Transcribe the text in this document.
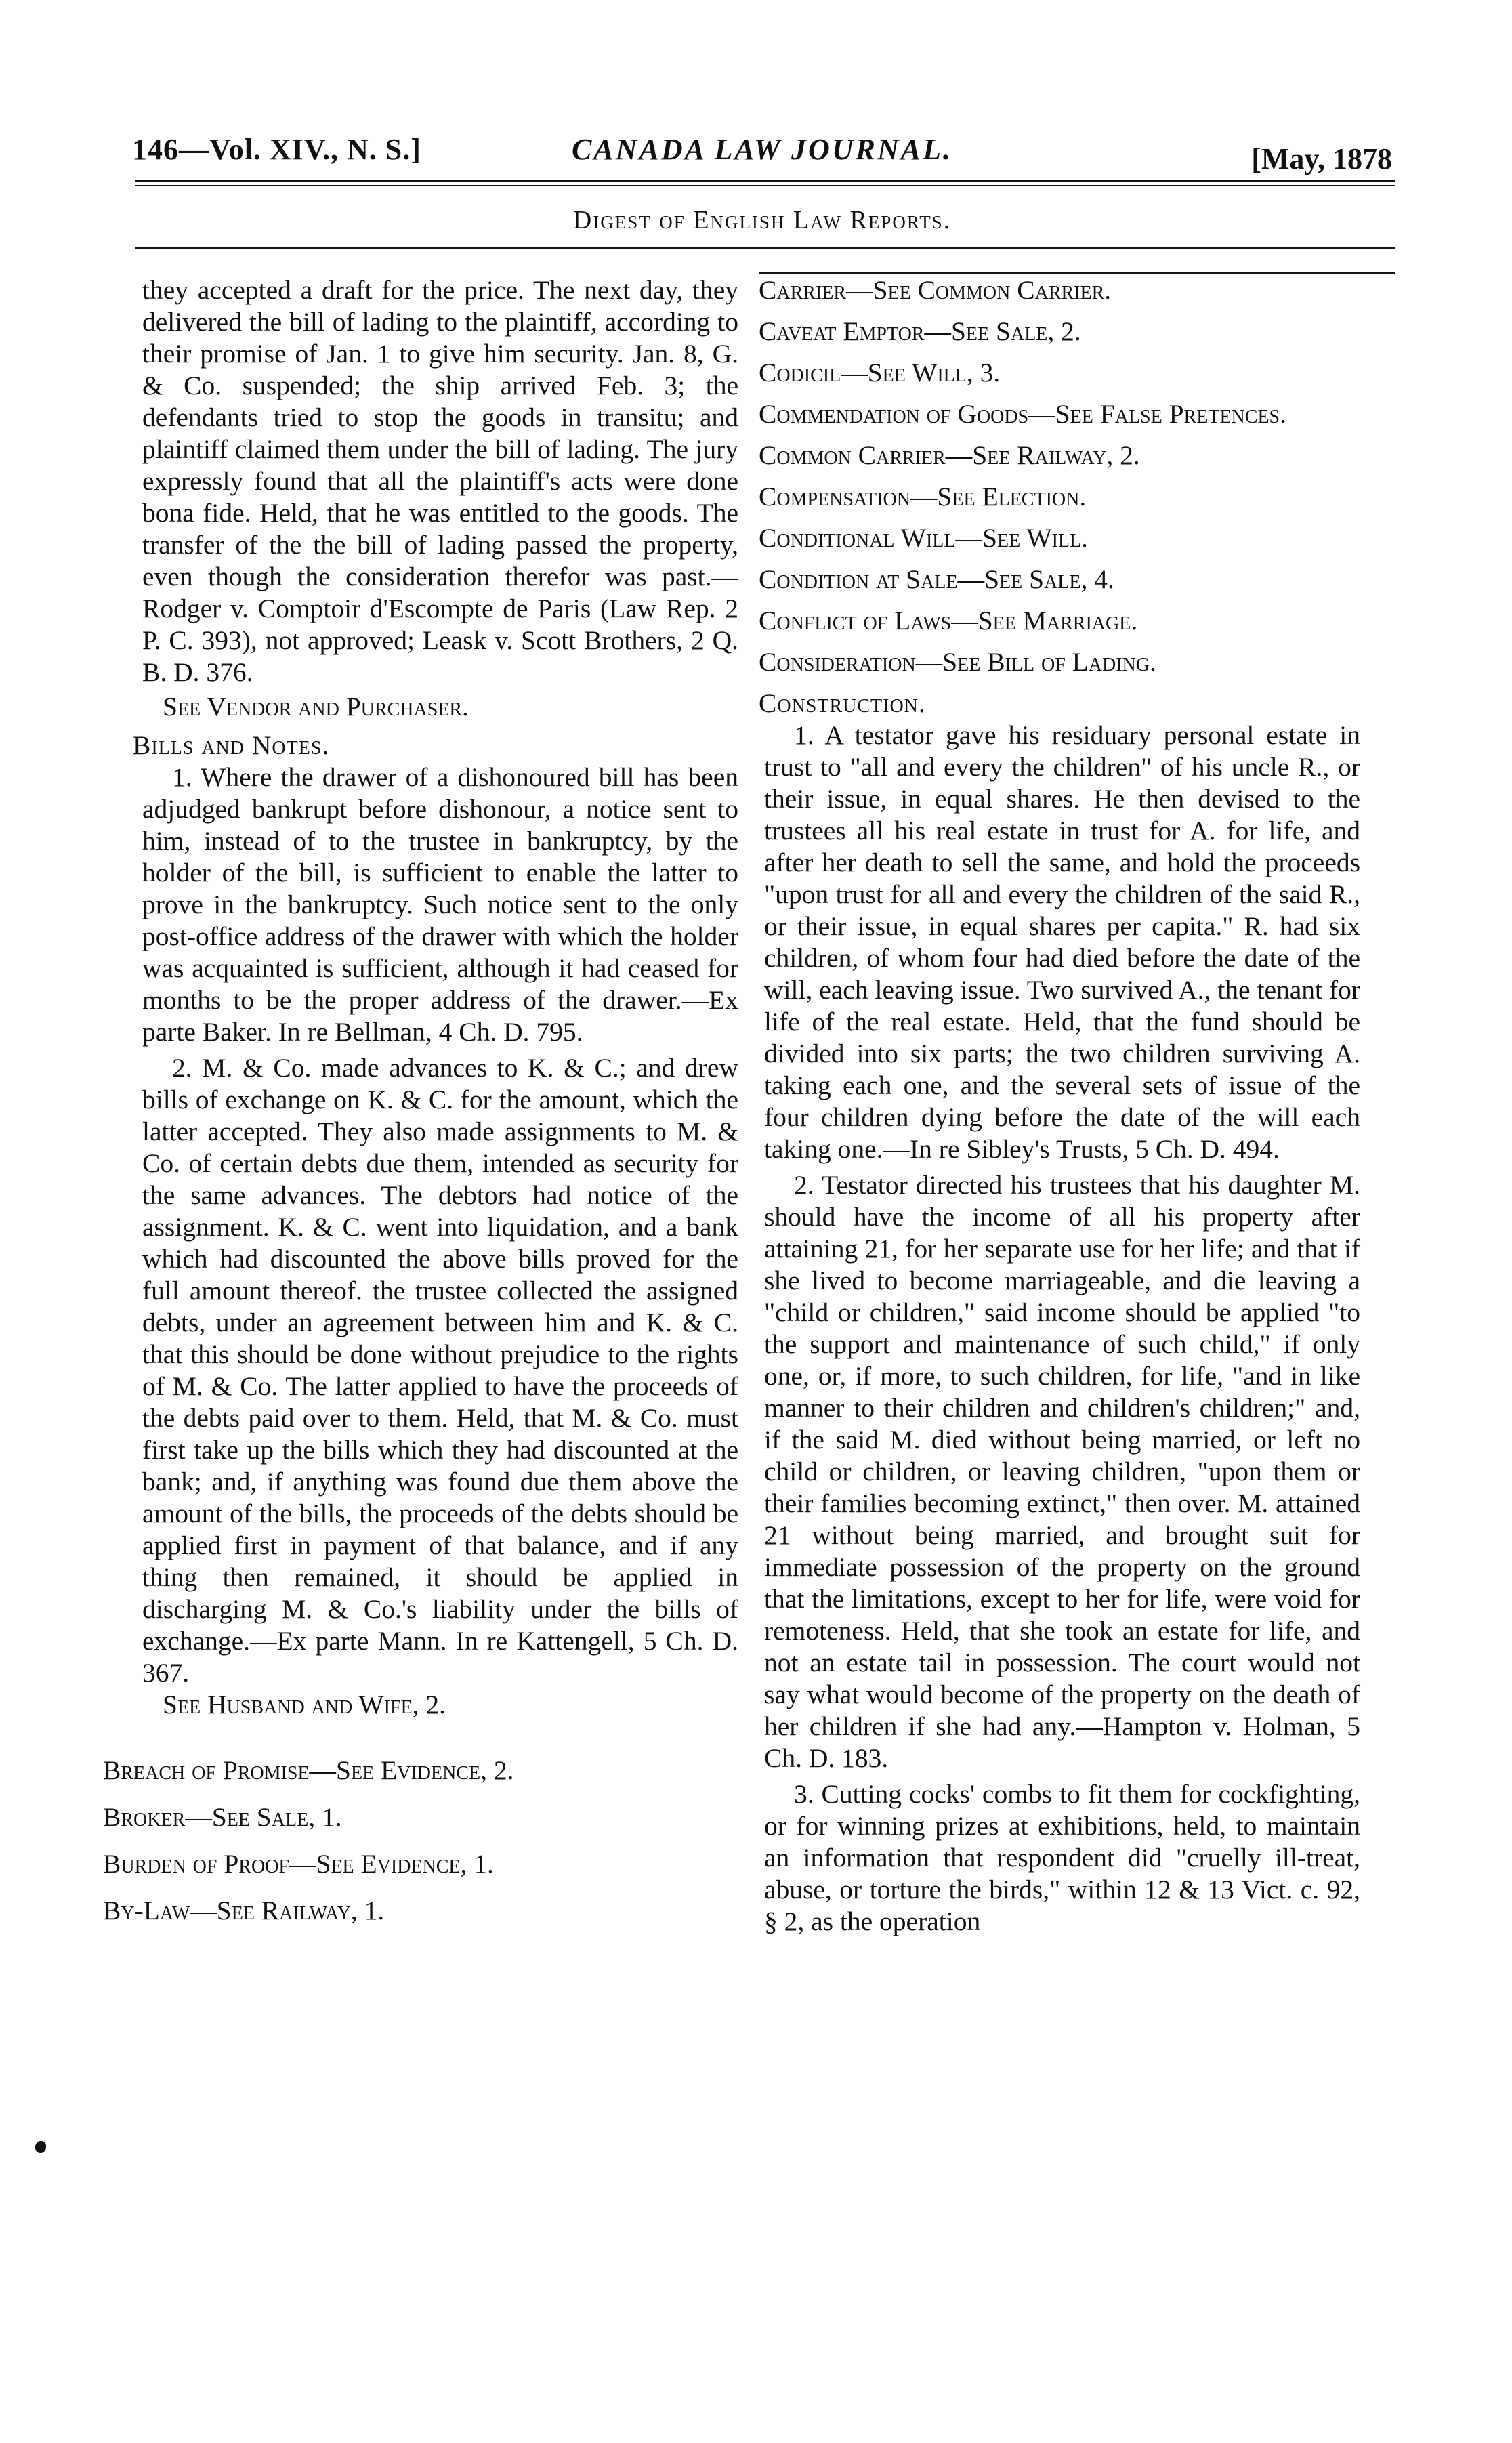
146—Vol. XIV., N. S.]	CANADA LAW JOURNAL.	[May, 1878
Digest of English Law Reports.

they accepted a draft for the price. The next day, they delivered the bill of lading to the plaintiff, according to their promise of Jan. 1 to give him security. Jan. 8, G. & Co. suspended; the ship arrived Feb. 3; the defendants tried to stop the goods in transitu; and plaintiff claimed them under the bill of lading. The jury expressly found that all the plaintiff's acts were done bona fide. Held, that he was entitled to the goods. The transfer of the the bill of lading passed the property, even though the consideration therefor was past.—Rodger v. Comptoir d'Escompte de Paris (Law Rep. 2 P. C. 393), not approved; Leask v. Scott Brothers, 2 Q. B. D. 376.

See Vendor and Purchaser.

Bills and Notes.

1. Where the drawer of a dishonoured bill has been adjudged bankrupt before dishonour, a notice sent to him, instead of to the trustee in bankruptcy, by the holder of the bill, is sufficient to enable the latter to prove in the bankruptcy. Such notice sent to the only post-office address of the drawer with which the holder was acquainted is sufficient, although it had ceased for months to be the proper address of the drawer.—Ex parte Baker. In re Bellman, 4 Ch. D. 795.

2. M. & Co. made advances to K. & C.; and drew bills of exchange on K. & C. for the amount, which the latter accepted. They also made assignments to M. & Co. of certain debts due them, intended as security for the same advances. The debtors had notice of the assignment. K. & C. went into liquidation, and a bank which had discounted the above bills proved for the full amount thereof. the trustee collected the assigned debts, under an agreement between him and K. & C. that this should be done without prejudice to the rights of M. & Co. The latter applied to have the proceeds of the debts paid over to them. Held, that M. & Co. must first take up the bills which they had discounted at the bank; and, if anything was found due them above the amount of the bills, the proceeds of the debts should be applied first in payment of that balance, and if any thing then remained, it should be applied in discharging M. & Co.'s liability under the bills of exchange.—Ex parte Mann. In re Kattengell, 5 Ch. D. 367.

See Husband and Wife, 2.

Breach of Promise—See Evidence, 2.

Broker—See Sale, 1.

Burden of Proof—See Evidence, 1.

By-Law—See Railway, 1.

Carrier—See Common Carrier.

Caveat Emptor—See Sale, 2.

Codicil—See Will, 3.

Commendation of Goods—See False Pretences.

Common Carrier—See Railway, 2.

Compensation—See Election.

Conditional Will—See Will.

Condition at Sale—See Sale, 4.

Conflict of Laws—See Marriage.

Consideration—See Bill of Lading.

Construction.

1. A testator gave his residuary personal estate in trust to "all and every the children" of his uncle R., or their issue, in equal shares. He then devised to the trustees all his real estate in trust for A. for life, and after her death to sell the same, and hold the proceeds "upon trust for all and every the children of the said R., or their issue, in equal shares per capita." R. had six children, of whom four had died before the date of the will, each leaving issue. Two survived A., the tenant for life of the real estate. Held, that the fund should be divided into six parts; the two children surviving A. taking each one, and the several sets of issue of the four children dying before the date of the will each taking one.—In re Sibley's Trusts, 5 Ch. D. 494.

2. Testator directed his trustees that his daughter M. should have the income of all his property after attaining 21, for her separate use for her life; and that if she lived to become marriageable, and die leaving a "child or children," said income should be applied "to the support and maintenance of such child," if only one, or, if more, to such children, for life, "and in like manner to their children and children's children;" and, if the said M. died without being married, or left no child or children, or leaving children, "upon them or their families becoming extinct," then over. M. attained 21 without being married, and brought suit for immediate possession of the property on the ground that the limitations, except to her for life, were void for remoteness. Held, that she took an estate for life, and not an estate tail in possession. The court would not say what would become of the property on the death of her children if she had any.—Hampton v. Holman, 5 Ch. D. 183.

3. Cutting cocks' combs to fit them for cockfighting, or for winning prizes at exhibitions, held, to maintain an information that respondent did "cruelly ill-treat, abuse, or torture the birds," within 12 & 13 Vict. c. 92, § 2, as the operation
